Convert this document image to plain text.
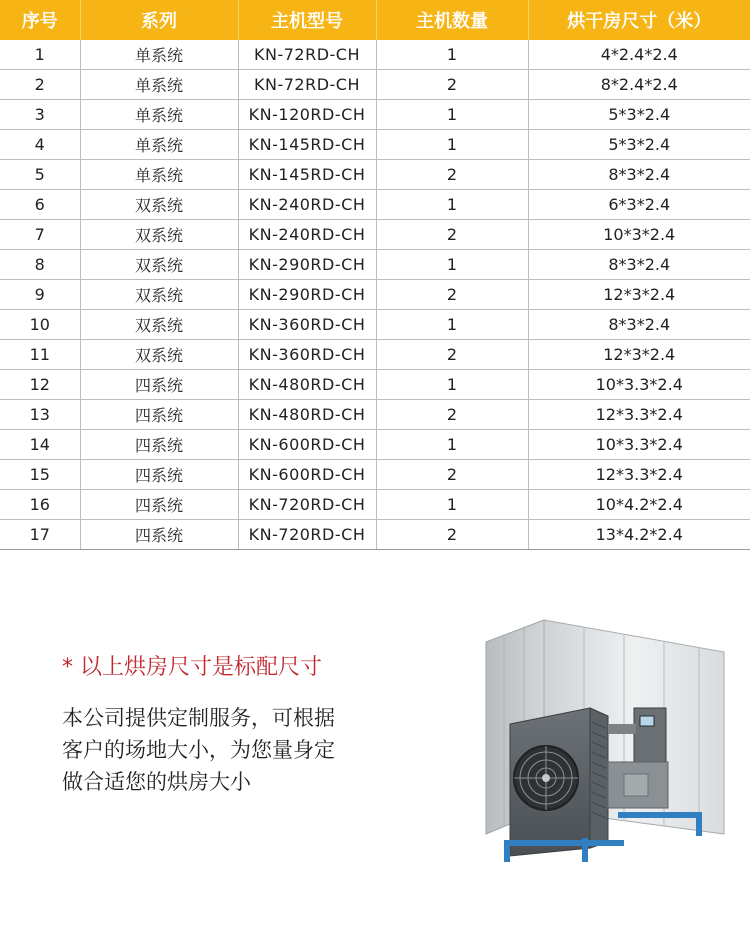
序号	系列	主机型号	主机数量	烘干房尺寸（米）
1	单系统	KN-72RD-CH	1	4*2.4*2.4
2	单系统	KN-72RD-CH	2	8*2.4*2.4
3	单系统	KN-120RD-CH	1	5*3*2.4
4	单系统	KN-145RD-CH	1	5*3*2.4
5	单系统	KN-145RD-CH	2	8*3*2.4
6	双系统	KN-240RD-CH	1	6*3*2.4
7	双系统	KN-240RD-CH	2	10*3*2.4
8	双系统	KN-290RD-CH	1	8*3*2.4
9	双系统	KN-290RD-CH	2	12*3*2.4
10	双系统	KN-360RD-CH	1	8*3*2.4
11	双系统	KN-360RD-CH	2	12*3*2.4
12	四系统	KN-480RD-CH	1	10*3.3*2.4
13	四系统	KN-480RD-CH	2	12*3.3*2.4
14	四系统	KN-600RD-CH	1	10*3.3*2.4
15	四系统	KN-600RD-CH	2	12*3.3*2.4
16	四系统	KN-720RD-CH	1	10*4.2*2.4
17	四系统	KN-720RD-CH	2	13*4.2*2.4
* 以上烘房尺寸是标配尺寸
本公司提供定制服务，可根据
客户的场地大小，为您量身定
做合适您的烘房大小
